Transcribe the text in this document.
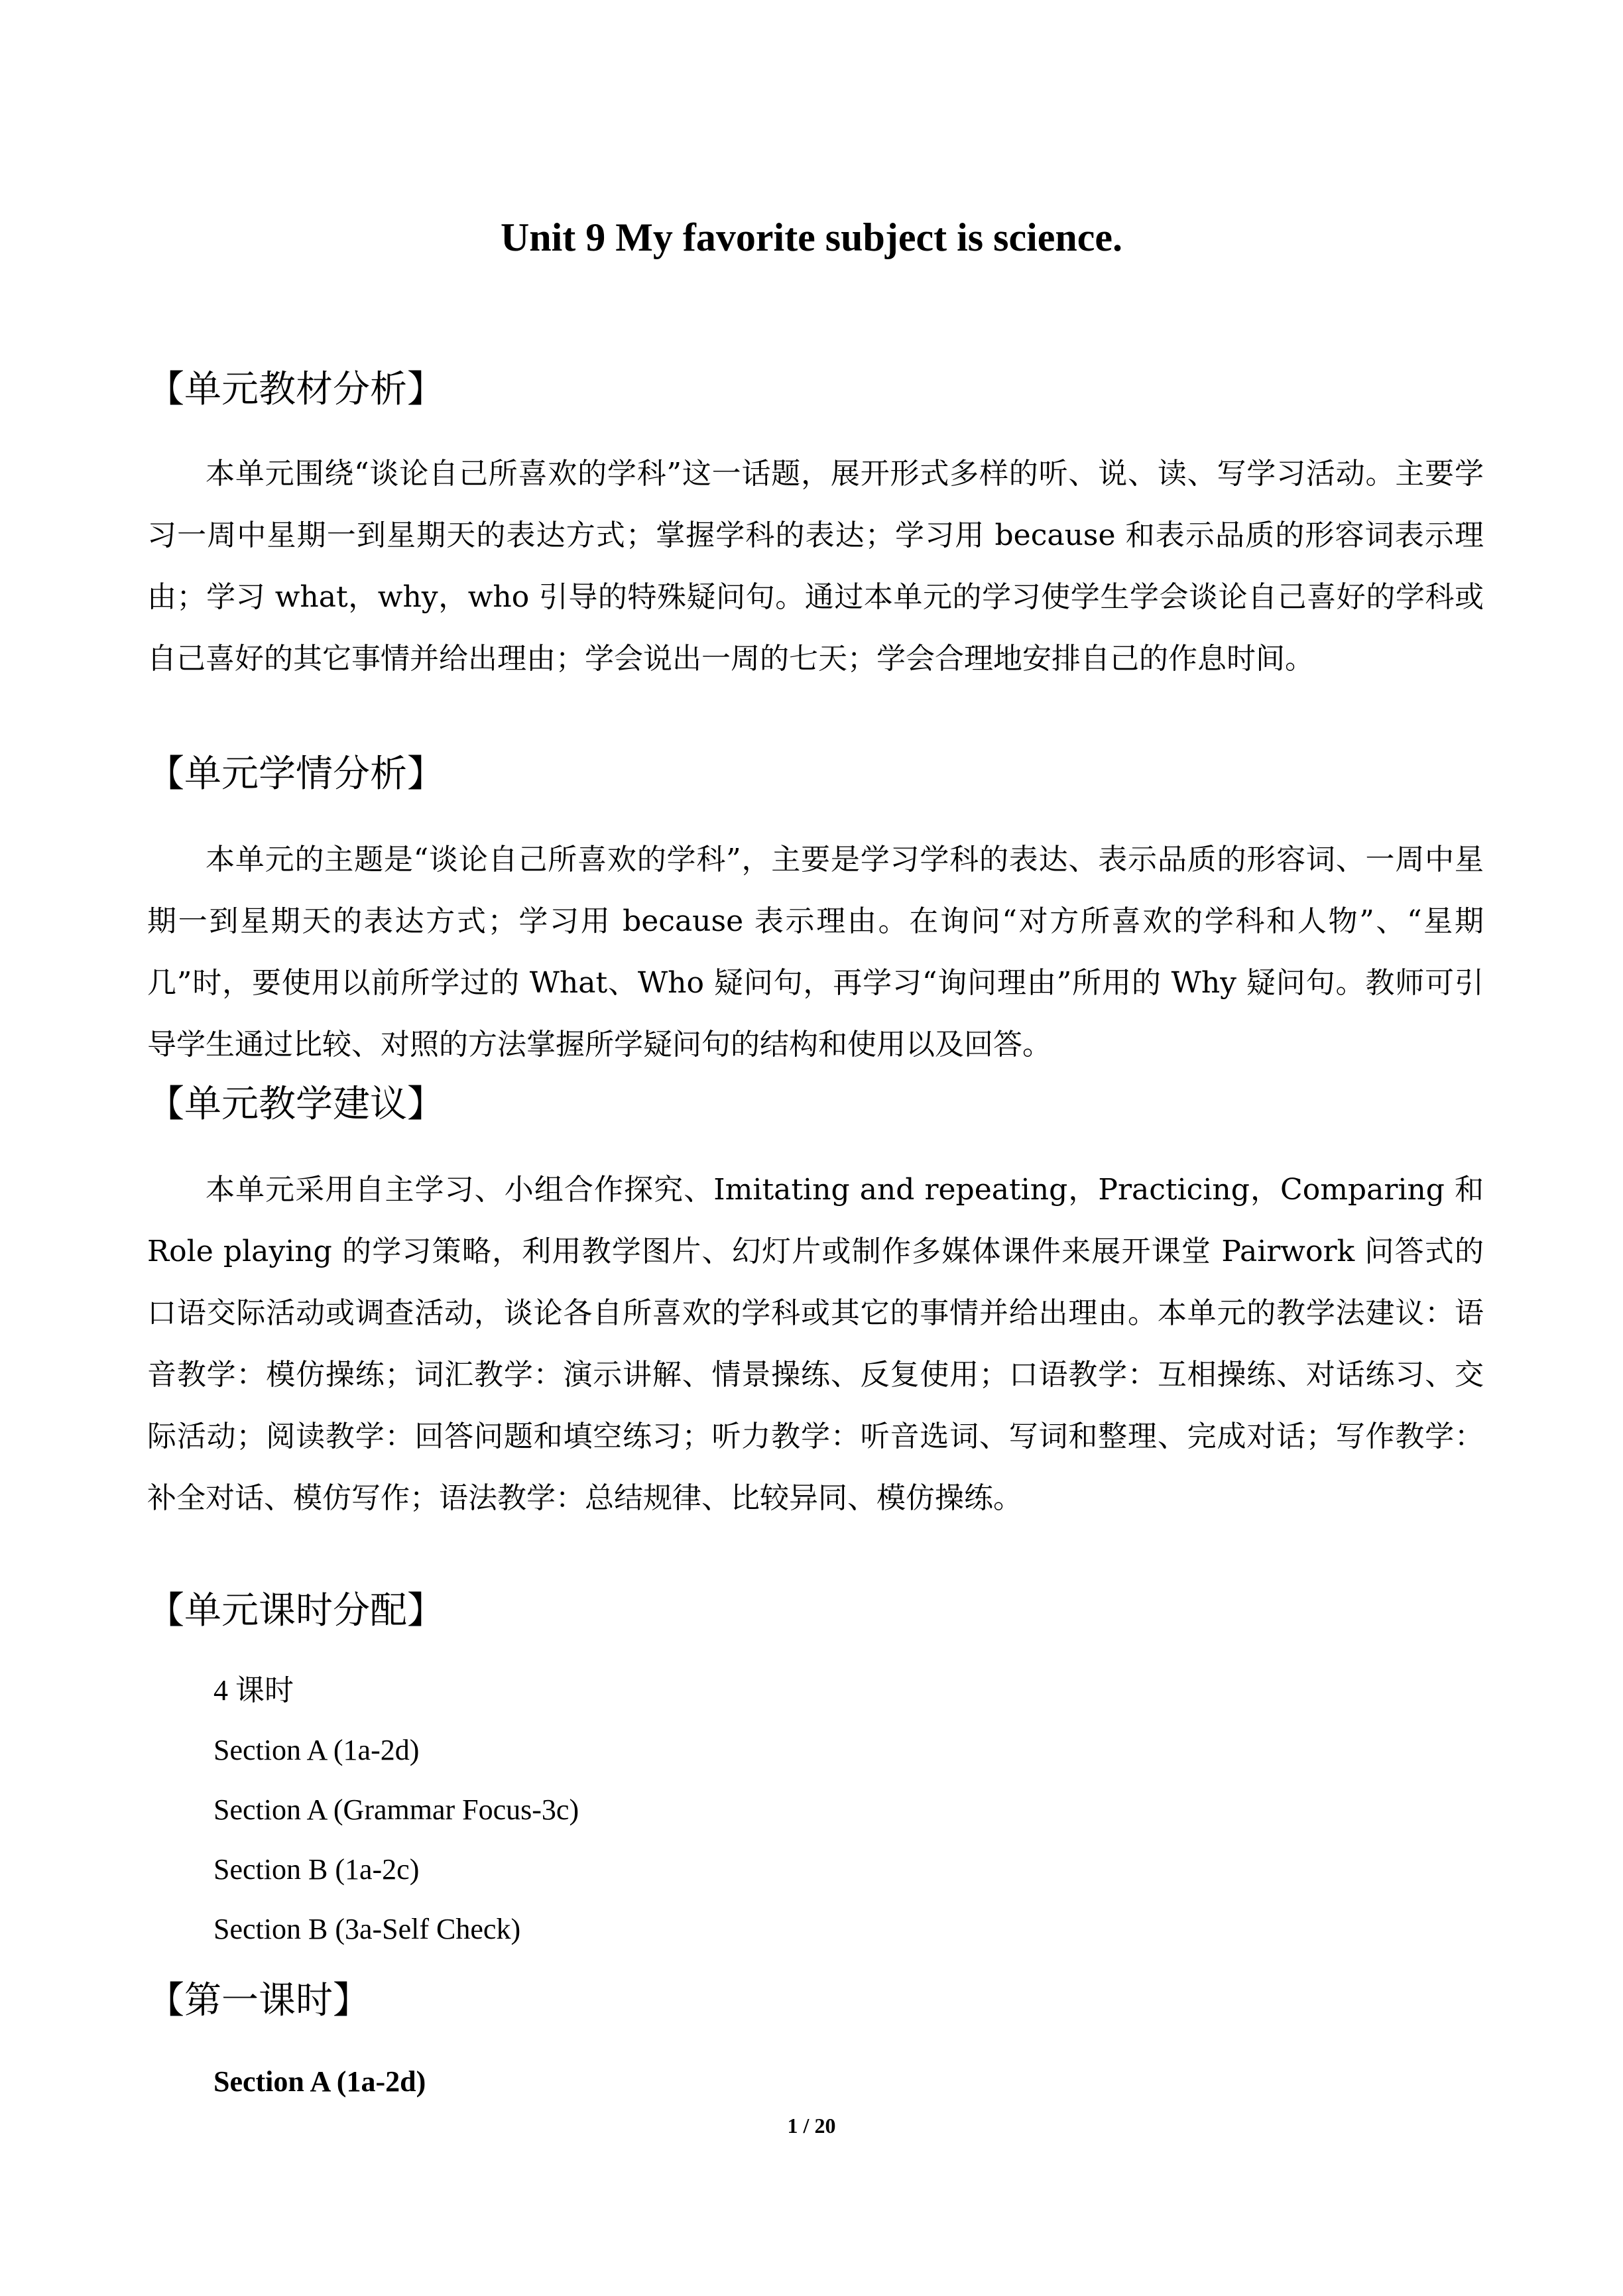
Unit 9 My favorite subject is science.
【单元教材分析】
本单元围绕“谈论自己所喜欢的学科”这一话题，展开形式多样的听、说、读、写学习活动。主要学习一周中星期一到星期天的表达方式；掌握学科的表达；学习用 because 和表示品质的形容词表示理由；学习 what，why，who 引导的特殊疑问句。通过本单元的学习使学生学会谈论自己喜好的学科或自己喜好的其它事情并给出理由；学会说出一周的七天；学会合理地安排自己的作息时间。
【单元学情分析】
本单元的主题是“谈论自己所喜欢的学科”，主要是学习学科的表达、表示品质的形容词、一周中星期一到星期天的表达方式；学习用 because 表示理由。在询问“对方所喜欢的学科和人物”、“星期几”时，要使用以前所学过的 What、Who 疑问句，再学习“询问理由”所用的 Why 疑问句。教师可引导学生通过比较、对照的方法掌握所学疑问句的结构和使用以及回答。
【单元教学建议】
本单元采用自主学习、小组合作探究、Imitating and repeating，Practicing，Comparing 和 Role playing 的学习策略，利用教学图片、幻灯片或制作多媒体课件来展开课堂 Pairwork 问答式的口语交际活动或调查活动，谈论各自所喜欢的学科或其它的事情并给出理由。本单元的教学法建议：语音教学：模仿操练；词汇教学：演示讲解、情景操练、反复使用；口语教学：互相操练、对话练习、交际活动；阅读教学：回答问题和填空练习；听力教学：听音选词、写词和整理、完成对话；写作教学：补全对话、模仿写作；语法教学：总结规律、比较异同、模仿操练。
【单元课时分配】
4 课时
Section A (1a-2d)
Section A (Grammar Focus-3c)
Section B (1a-2c)
Section B (3a-Self Check)
【第一课时】
Section A (1a-2d)
1 / 20
